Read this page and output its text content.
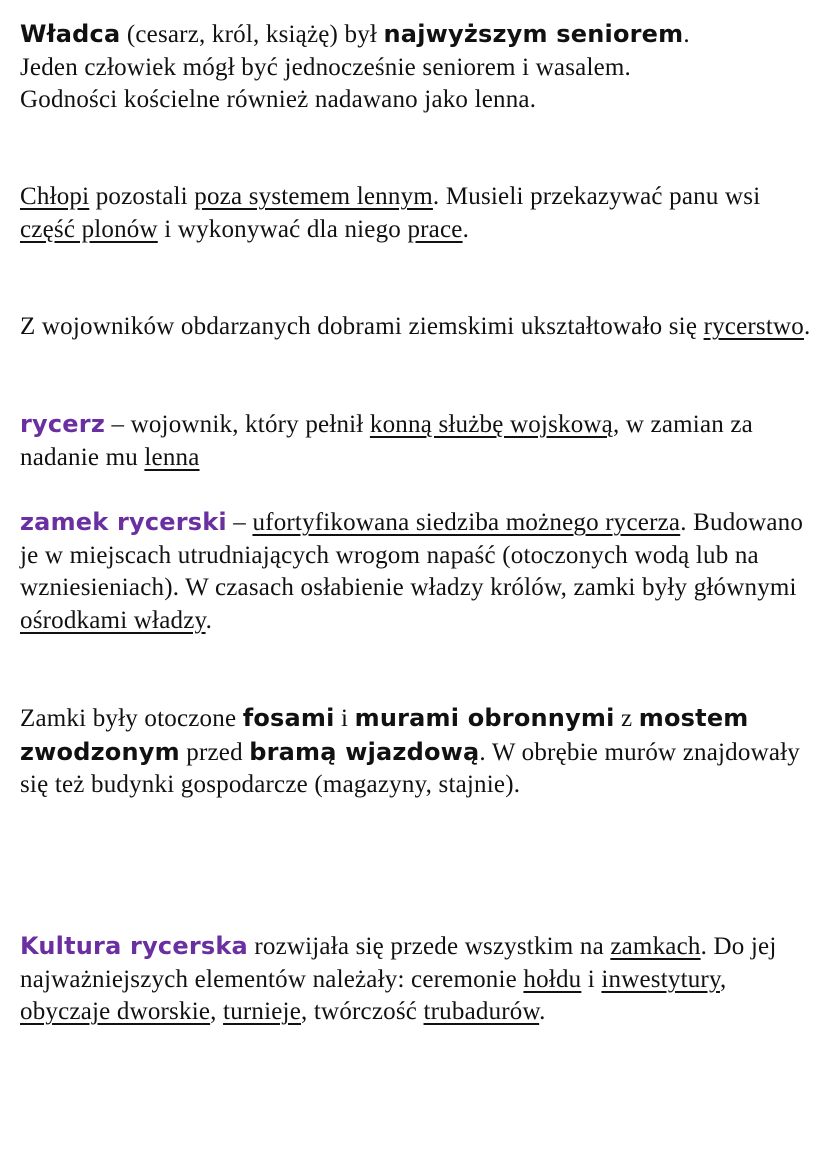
Władca (cesarz, król, książę) był najwyższym seniorem.
Jeden człowiek mógł być jednocześnie seniorem i wasalem.
Godności kościelne również nadawano jako lenna.

Chłopi pozostali poza systemem lennym. Musieli przekazywać panu wsi część plonów i wykonywać dla niego prace.

Z wojowników obdarzanych dobrami ziemskimi ukształtowało się rycerstwo.

rycerz – wojownik, który pełnił konną służbę wojskową, w zamian za nadanie mu lenna

zamek rycerski – ufortyfikowana siedziba możnego rycerza. Budowano je w miejscach utrudniających wrogom napaść (otoczonych wodą lub na wzniesieniach). W czasach osłabienie władzy królów, zamki były głównymi ośrodkami władzy.

Zamki były otoczone fosami i murami obronnymi z mostem zwodzonym przed bramą wjazdową. W obrębie murów znajdowały się też budynki gospodarcze (magazyny, stajnie).

Kultura rycerska rozwijała się przede wszystkim na zamkach. Do jej najważniejszych elementów należały: ceremonie hołdu i inwestytury, obyczaje dworskie, turnieje, twórczość trubadurów.
